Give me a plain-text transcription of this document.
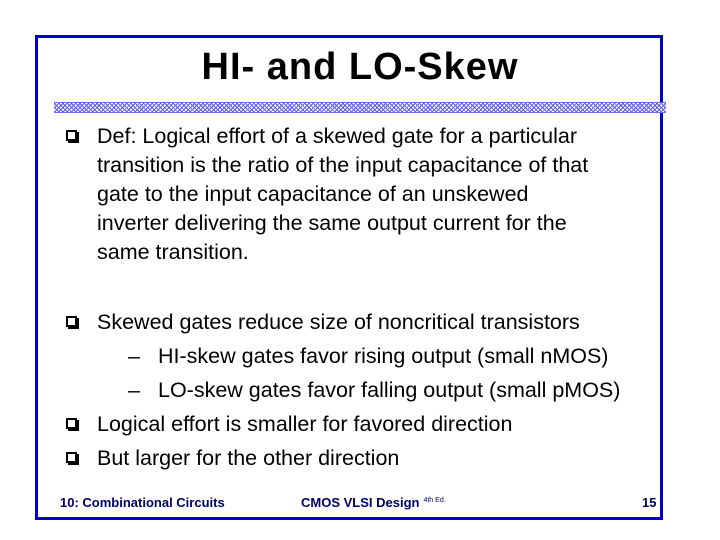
HI- and LO-Skew
Def: Logical effort of a skewed gate for a particular
transition is the ratio of the input capacitance of that
gate to the input capacitance of an unskewed
inverter delivering the same output current for the
same transition.
Skewed gates reduce size of noncritical transistors
– HI-skew gates favor rising output (small nMOS)
– LO-skew gates favor falling output (small pMOS)
Logical effort is smaller for favored direction
But larger for the other direction
10: Combinational Circuits	CMOS VLSI Design $^{4th Ed.}$	15
